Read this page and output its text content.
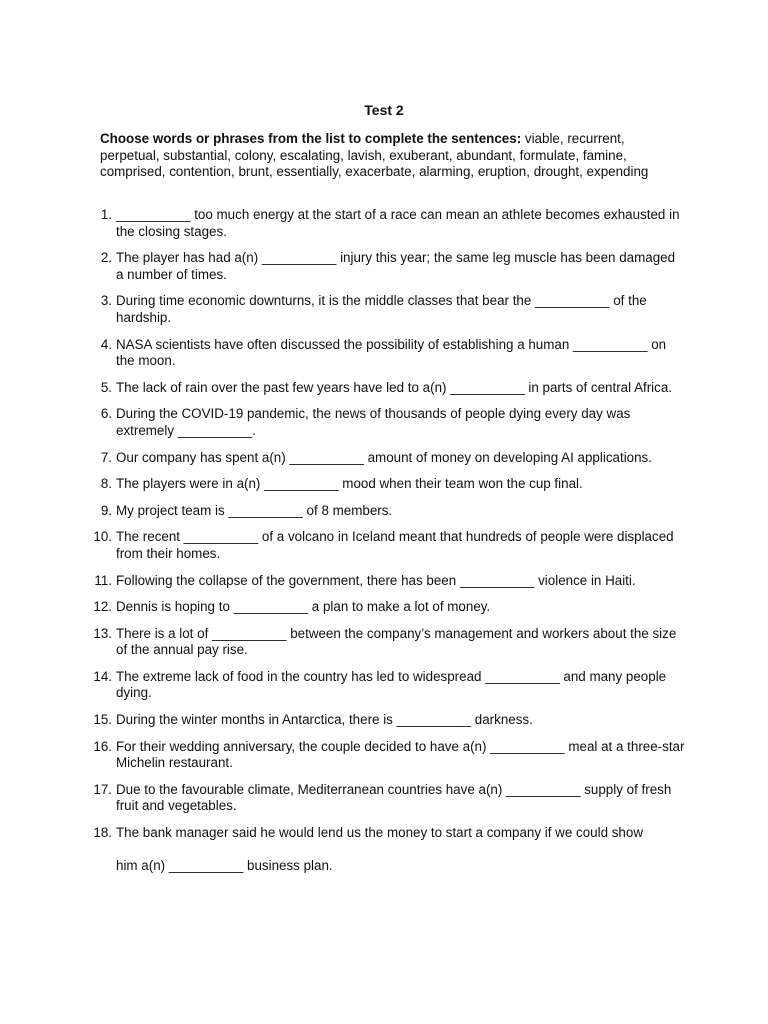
Test 2
Choose words or phrases from the list to complete the sentences: viable, recurrent, perpetual, substantial, colony, escalating, lavish, exuberant, abundant, formulate, famine, comprised, contention, brunt, essentially, exacerbate, alarming, eruption, drought, expending
1. __________ too much energy at the start of a race can mean an athlete becomes exhausted in the closing stages.
2. The player has had a(n) __________ injury this year; the same leg muscle has been damaged a number of times.
3. During time economic downturns, it is the middle classes that bear the __________ of the hardship.
4. NASA scientists have often discussed the possibility of establishing a human __________ on the moon.
5. The lack of rain over the past few years have led to a(n) __________ in parts of central Africa.
6. During the COVID-19 pandemic, the news of thousands of people dying every day was extremely __________.
7. Our company has spent a(n) __________ amount of money on developing AI applications.
8. The players were in a(n) __________ mood when their team won the cup final.
9. My project team is __________ of 8 members.
10. The recent __________ of a volcano in Iceland meant that hundreds of people were displaced from their homes.
11. Following the collapse of the government, there has been __________ violence in Haiti.
12. Dennis is hoping to __________ a plan to make a lot of money.
13. There is a lot of __________ between the company’s management and workers about the size of the annual pay rise.
14. The extreme lack of food in the country has led to widespread __________ and many people dying.
15. During the winter months in Antarctica, there is __________ darkness.
16. For their wedding anniversary, the couple decided to have a(n) __________ meal at a three-star Michelin restaurant.
17. Due to the favourable climate, Mediterranean countries have a(n) __________ supply of fresh fruit and vegetables.
18. The bank manager said he would lend us the money to start a company if we could show
him a(n) __________ business plan.
